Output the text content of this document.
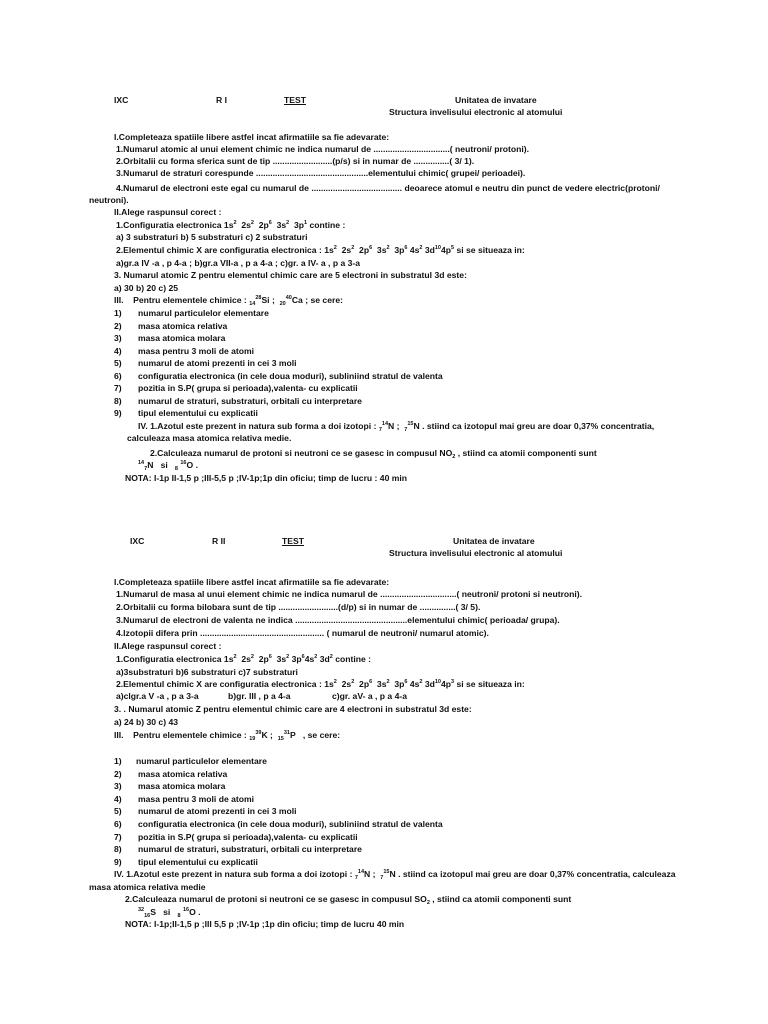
IXC	R I	TEST	Unitatea de invatare
Structura invelisului electronic al atomului
I.Completeaza spatiile libere astfel incat afirmatiile sa fie adevarate:
1.Numarul atomic al unui element chimic ne indica numarul de ................................( neutroni/ protoni).
2.Orbitalii cu forma sferica sunt de tip .........................(p/s) si in numar de ...............( 3/ 1).
3.Numarul de straturi corespunde ...............................................elementului chimic( grupei/ perioadei).
4.Numarul de electroni este egal cu numarul de ...................................... deoarece atomul e neutru din punct de vedere electric(protoni/
neutroni).
II.Alege raspunsul corect :
1.Configuratia electronica $1s^2$ $2s^2$ $2p^6$ $3s^2$ $3p^1$ contine :
a) 3 substraturi b) 5 substraturi c) 2 substraturi
2.Elementul chimic X are configuratia electronica : $1s^2$ $2s^2$ $2p^6$ $3s^2$ $3p^6$ $4s^2$ $3d^{10}4p^5$ si se situeaza in:
a)gr.a IV -a , p 4-a ; b)gr.a VII-a , p a 4-a ; c)gr. a IV- a , p a 3-a
3. Numarul atomic Z pentru elementul chimic care are 5 electroni in substratul 3d este:
a) 30 b) 20 c) 25
III. Pentru elementele chimice : $_{14}^{28}$Si ;  $_{20}^{40}$Ca ; se cere:
1) numarul particulelor elementare
2) masa atomica relativa
3) masa atomica molara
4) masa pentru 3 moli de atomi
5) numarul de atomi prezenti in cei 3 moli
6) configuratia electronica (in cele doua moduri), subliniind stratul de valenta
7) pozitia in S.P( grupa si perioada),valenta- cu explicatii
8) numarul de straturi, substraturi, orbitali cu interpretare
9) tipul elementului cu explicatii
IV. 1.Azotul este prezent in natura sub forma a doi izotopi : $_7^{14}$N ;  $_7^{15}$N . stiind ca izotopul mai greu are doar 0,37% concentratia,
calculeaza masa atomica relativa medie.
2.Calculeaza numarul de protoni si neutroni ce se gasesc in compusul $NO_2$ , stiind ca atomii componenti sunt
$^{14}_7$N si $_8$ $^{16}$O .
NOTA: I-1p II-1,5 p ;III-5,5 p ;IV-1p;1p din oficiu; timp de lucru : 40 min
IXC	R II	TEST	Unitatea de invatare
Structura invelisului electronic al atomului
I.Completeaza spatiile libere astfel incat afirmatiile sa fie adevarate:
1.Numarul de masa al unui element chimic ne indica numarul de ................................( neutroni/ protoni si neutroni).
2.Orbitalii cu forma bilobara sunt de tip .........................(d/p) si in numar de ...............( 3/ 5).
3.Numarul de electroni de valenta ne indica ...............................................elementului chimic( perioada/ grupa).
4.Izotopii difera prin .................................................... ( numarul de neutroni/ numarul atomic).
II.Alege raspunsul corect :
1.Configuratia electronica $1s^2$ $2s^2$ $2p^6$ $3s^2$ $3p^64s^2$ $3d^2$ contine :
a)3substraturi b)6 substraturi c)7 substraturi
2.Elementul chimic X are configuratia electronica : $1s^2$ $2s^2$ $2p^6$ $3s^2$ $3p^6$ $4s^2$ $3d^{10}4p^3$ si se situeaza in:
a)clgr.a V -a , p a 3-a	b)gr. III , p a 4-a	c)gr. aV- a , p a 4-a
3. . Numarul atomic Z pentru elementul chimic care are 4 electroni in substratul 3d este:
a) 24 b) 30 c) 43
III. Pentru elementele chimice : $_{19}^{39}$K ;  $_{15}^{31}$P , se cere:
1) numarul particulelor elementare
2) masa atomica relativa
3) masa atomica molara
4) masa pentru 3 moli de atomi
5) numarul de atomi prezenti in cei 3 moli
6) configuratia electronica (in cele doua moduri), subliniind stratul de valenta
7) pozitia in S.P( grupa si perioada),valenta- cu explicatii
8) numarul de straturi, substraturi, orbitali cu interpretare
9) tipul elementului cu explicatii
IV. 1.Azotul este prezent in natura sub forma a doi izotopi : $_7^{14}$N ;  $_7^{15}$N . stiind ca izotopul mai greu are doar 0,37% concentratia, calculeaza
masa atomica relativa medie
2.Calculeaza numarul de protoni si neutroni ce se gasesc in compusul $SO_2$ , stiind ca atomii componenti sunt
$^{32}_{16}$S si $_8$ $^{16}$O .
NOTA: I-1p;II-1,5 p ;III 5,5 p ;IV-1p ;1p din oficiu; timp de lucru 40 min
